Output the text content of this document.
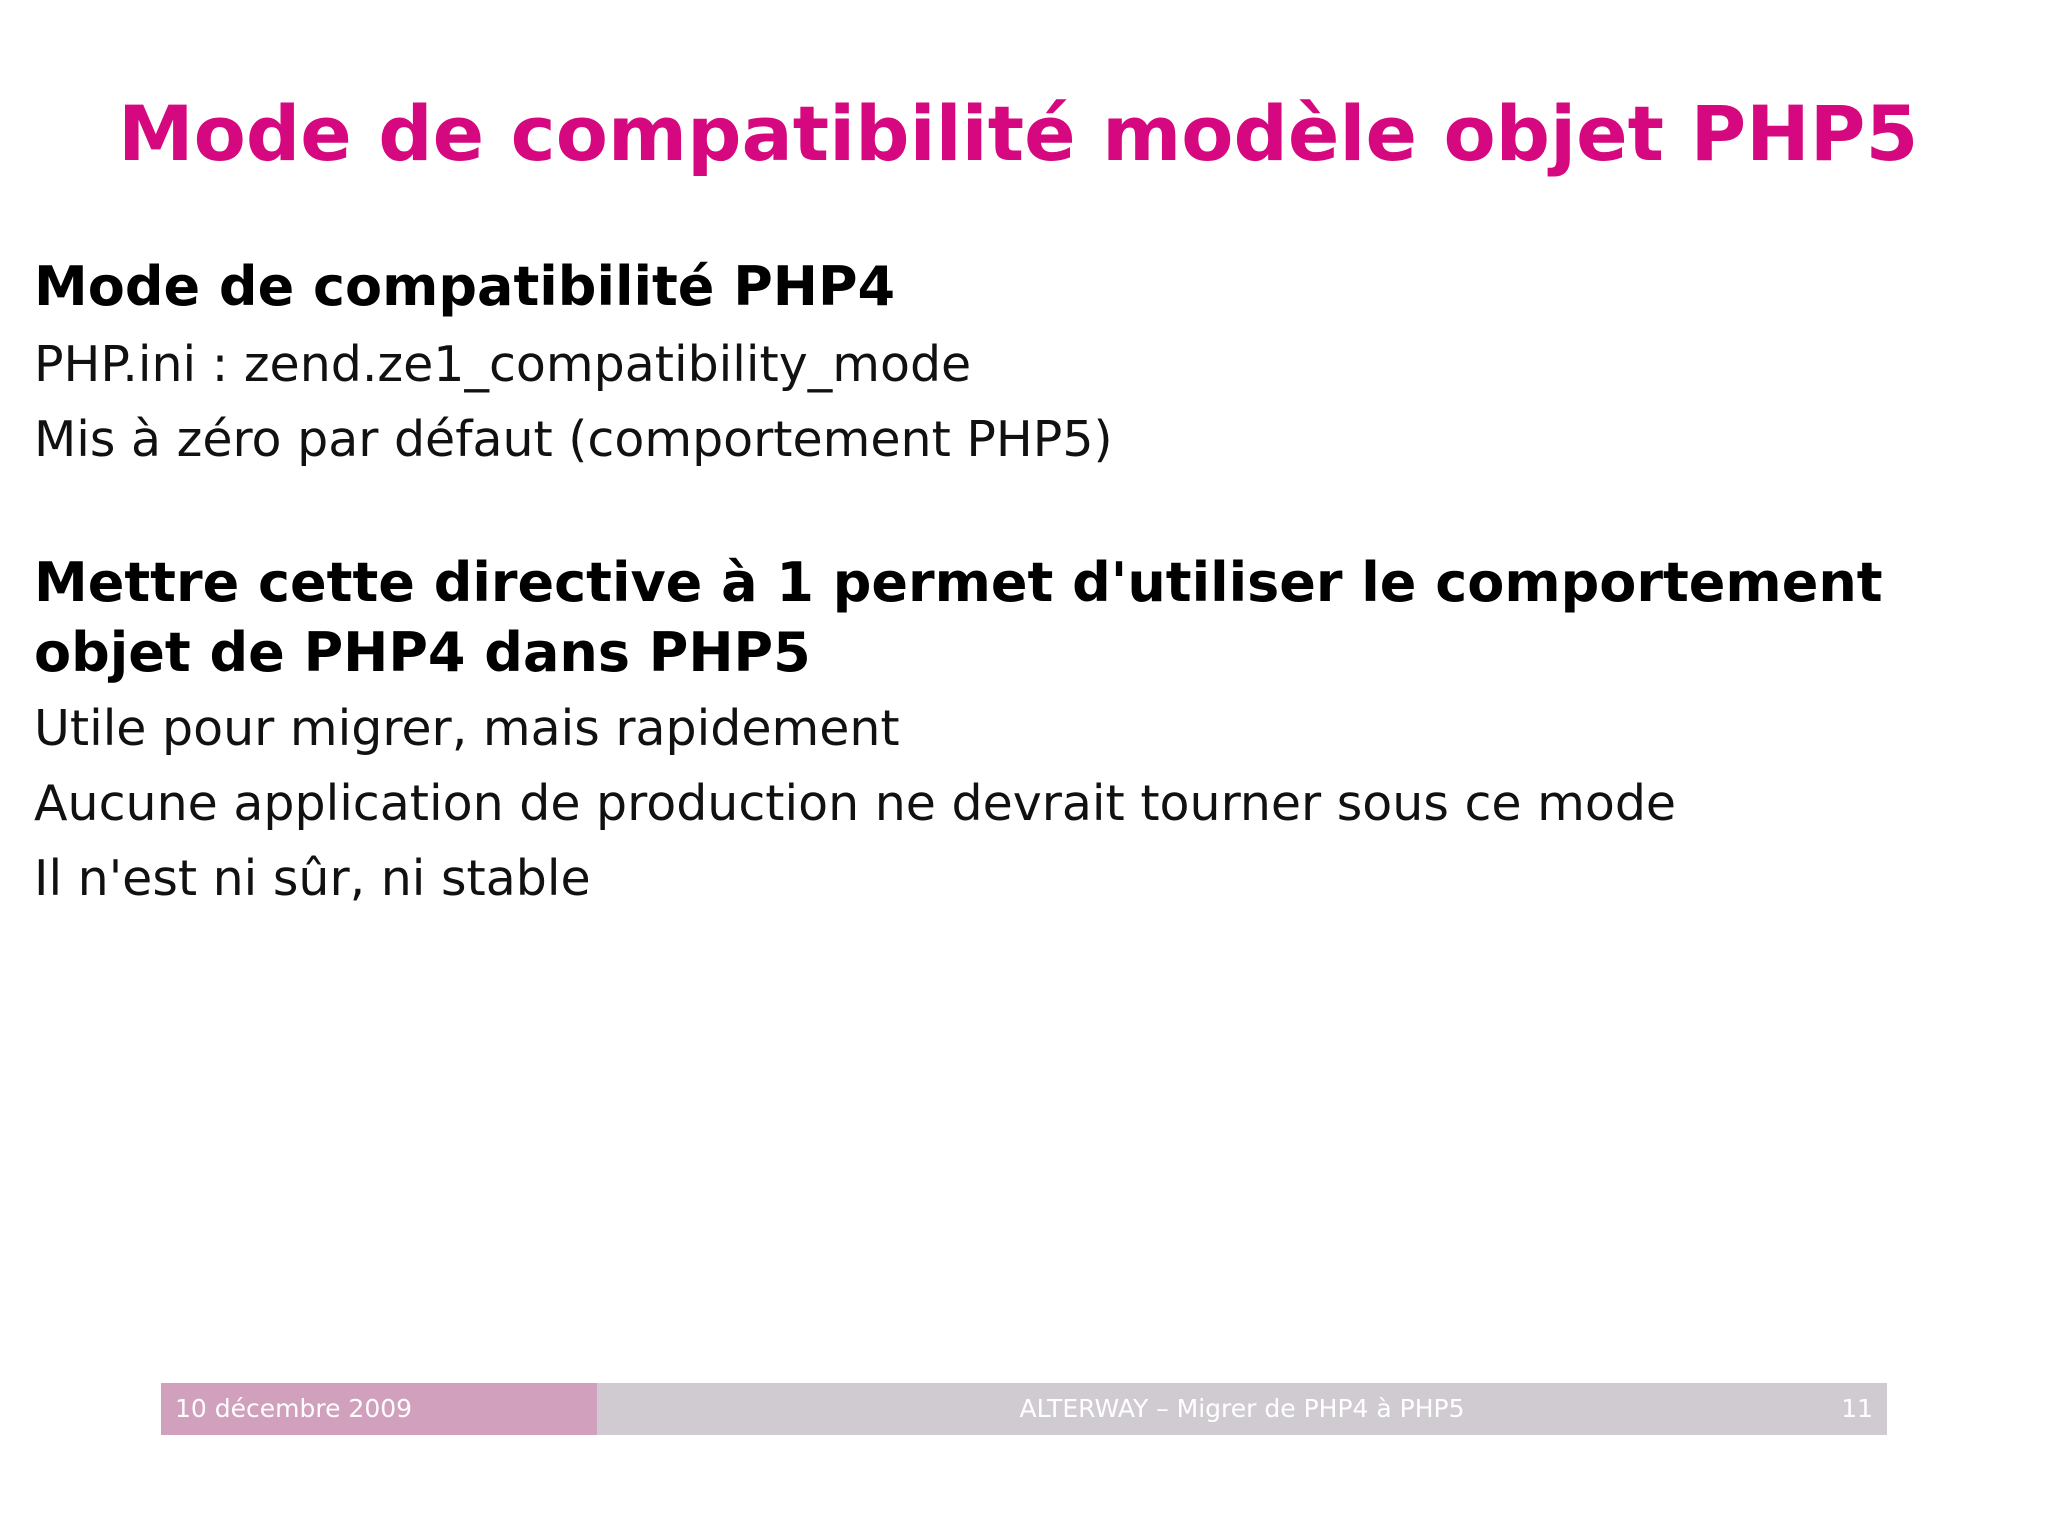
Mode de compatibilité modèle objet PHP5
Mode de compatibilité PHP4
PHP.ini : zend.ze1_compatibility_mode
Mis à zéro par défaut (comportement PHP5)
Mettre cette directive à 1 permet d'utiliser le comportement
objet de PHP4 dans PHP5
Utile pour migrer, mais rapidement
Aucune application de production ne devrait tourner sous ce mode
Il n'est ni sûr, ni stable
10 décembre 2009	ALTERWAY – Migrer de PHP4 à PHP5	11
